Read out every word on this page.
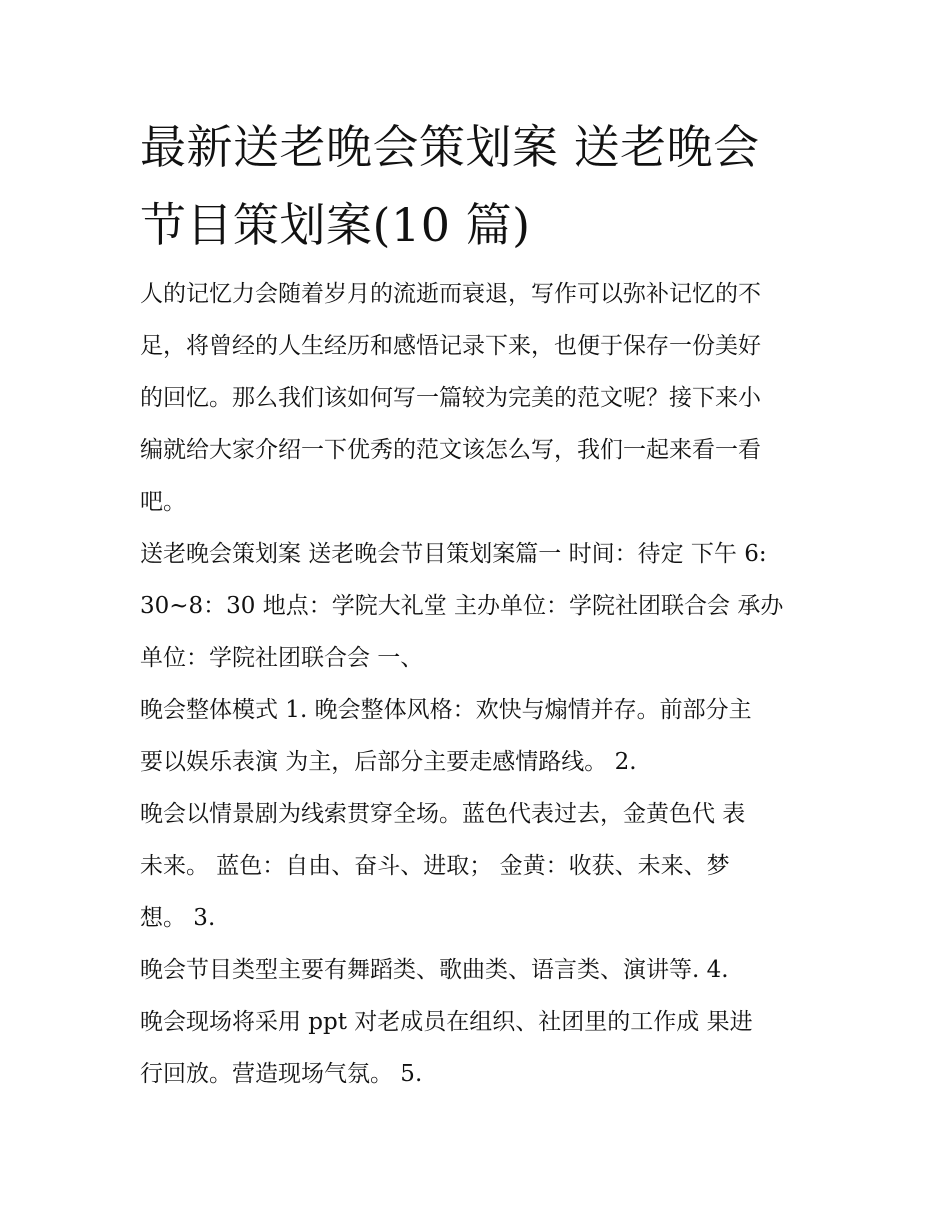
最新送老晚会策划案 送老晚会
节目策划案(10 篇)

人的记忆力会随着岁月的流逝而衰退，写作可以弥补记忆的不
足，将曾经的人生经历和感悟记录下来，也便于保存一份美好
的回忆。那么我们该如何写一篇较为完美的范文呢？接下来小
编就给大家介绍一下优秀的范文该怎么写，我们一起来看一看
吧。

送老晚会策划案 送老晚会节目策划案篇一 时间：待定 下午 6:
30~8：30 地点：学院大礼堂 主办单位：学院社团联合会 承办
单位：学院社团联合会 一、

晚会整体模式 1. 晚会整体风格：欢快与煽情并存。前部分主
要以娱乐表演 为主，后部分主要走感情路线。 2.

晚会以情景剧为线索贯穿全场。蓝色代表过去，金黄色代 表
未来。 蓝色：自由、奋斗、进取； 金黄：收获、未来、梦
想。 3.

晚会节目类型主要有舞蹈类、歌曲类、语言类、演讲等. 4.

晚会现场将采用 ppt 对老成员在组织、社团里的工作成 果进
行回放。营造现场气氛。 5.
